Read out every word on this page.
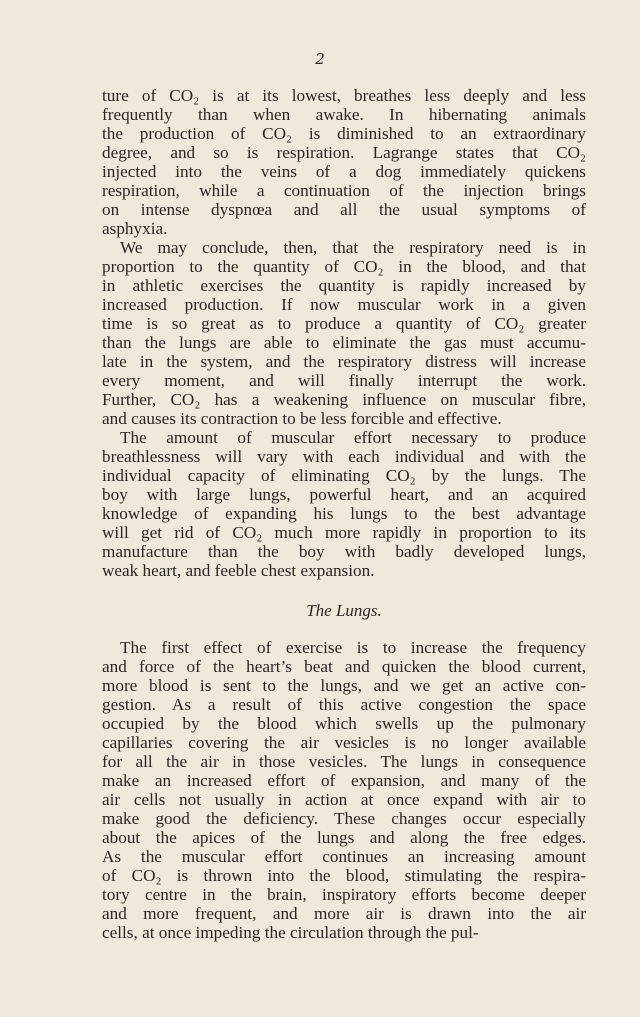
2
ture of CO₂ is at its lowest, breathes less deeply and less
frequently than when awake. In hibernating animals
the production of CO₂ is diminished to an extraordinary
degree, and so is respiration. Lagrange states that CO₂
injected into the veins of a dog immediately quickens
respiration, while a continuation of the injection brings
on intense dyspnœa and all the usual symptoms of
asphyxia.
We may conclude, then, that the respiratory need is in
proportion to the quantity of CO₂ in the blood, and that
in athletic exercises the quantity is rapidly increased by
increased production. If now muscular work in a given
time is so great as to produce a quantity of CO₂ greater
than the lungs are able to eliminate the gas must accumu-
late in the system, and the respiratory distress will increase
every moment, and will finally interrupt the work.
Further, CO₂ has a weakening influence on muscular fibre,
and causes its contraction to be less forcible and effective.
The amount of muscular effort necessary to produce
breathlessness will vary with each individual and with the
individual capacity of eliminating CO₂ by the lungs. The
boy with large lungs, powerful heart, and an acquired
knowledge of expanding his lungs to the best advantage
will get rid of CO₂ much more rapidly in proportion to its
manufacture than the boy with badly developed lungs,
weak heart, and feeble chest expansion.
The Lungs.
The first effect of exercise is to increase the frequency
and force of the heart’s beat and quicken the blood current,
more blood is sent to the lungs, and we get an active con-
gestion. As a result of this active congestion the space
occupied by the blood which swells up the pulmonary
capillaries covering the air vesicles is no longer available
for all the air in those vesicles. The lungs in consequence
make an increased effort of expansion, and many of the
air cells not usually in action at once expand with air to
make good the deficiency. These changes occur especially
about the apices of the lungs and along the free edges.
As the muscular effort continues an increasing amount
of CO₂ is thrown into the blood, stimulating the respira-
tory centre in the brain, inspiratory efforts become deeper
and more frequent, and more air is drawn into the air
cells, at once impeding the circulation through the pul-
